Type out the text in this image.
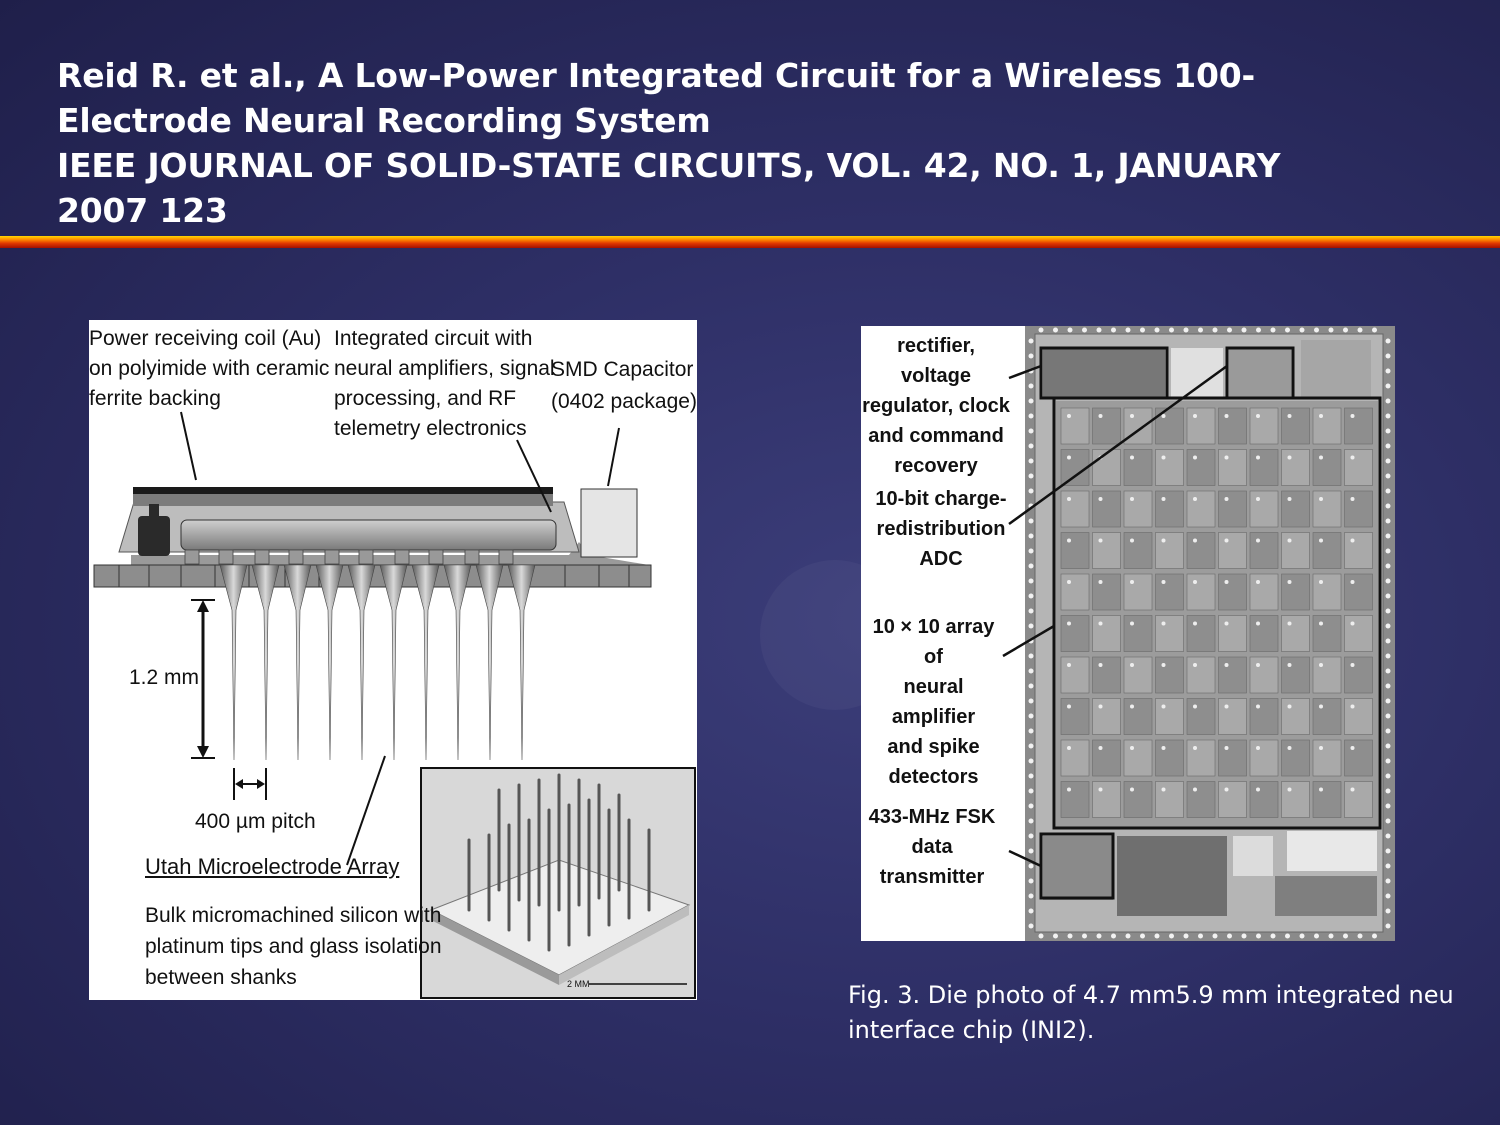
Reid R. et al., A Low-Power Integrated Circuit for a Wireless 100-
Electrode Neural Recording System
IEEE JOURNAL OF SOLID-STATE CIRCUITS, VOL. 42, NO. 1, JANUARY
2007 123
Power receiving coil (Au)
on polyimide with ceramic
ferrite backing
Integrated circuit with
neural amplifiers, signal
processing, and RF
telemetry electronics
SMD Capacitor
(0402 package)
1.2 mm
400 µm pitch
Utah Microelectrode Array
Bulk micromachined silicon with
platinum tips and glass isolation
between shanks	2 MM
rectifier, voltage
regulator, clock
and command
recovery
10-bit charge-
redistribution
ADC
10 × 10 array of
neural amplifier
and spike
detectors
433-MHz FSK
data transmitter
Fig. 3. Die photo of 4.7 mm5.9 mm integrated neu
interface chip (INI2).
